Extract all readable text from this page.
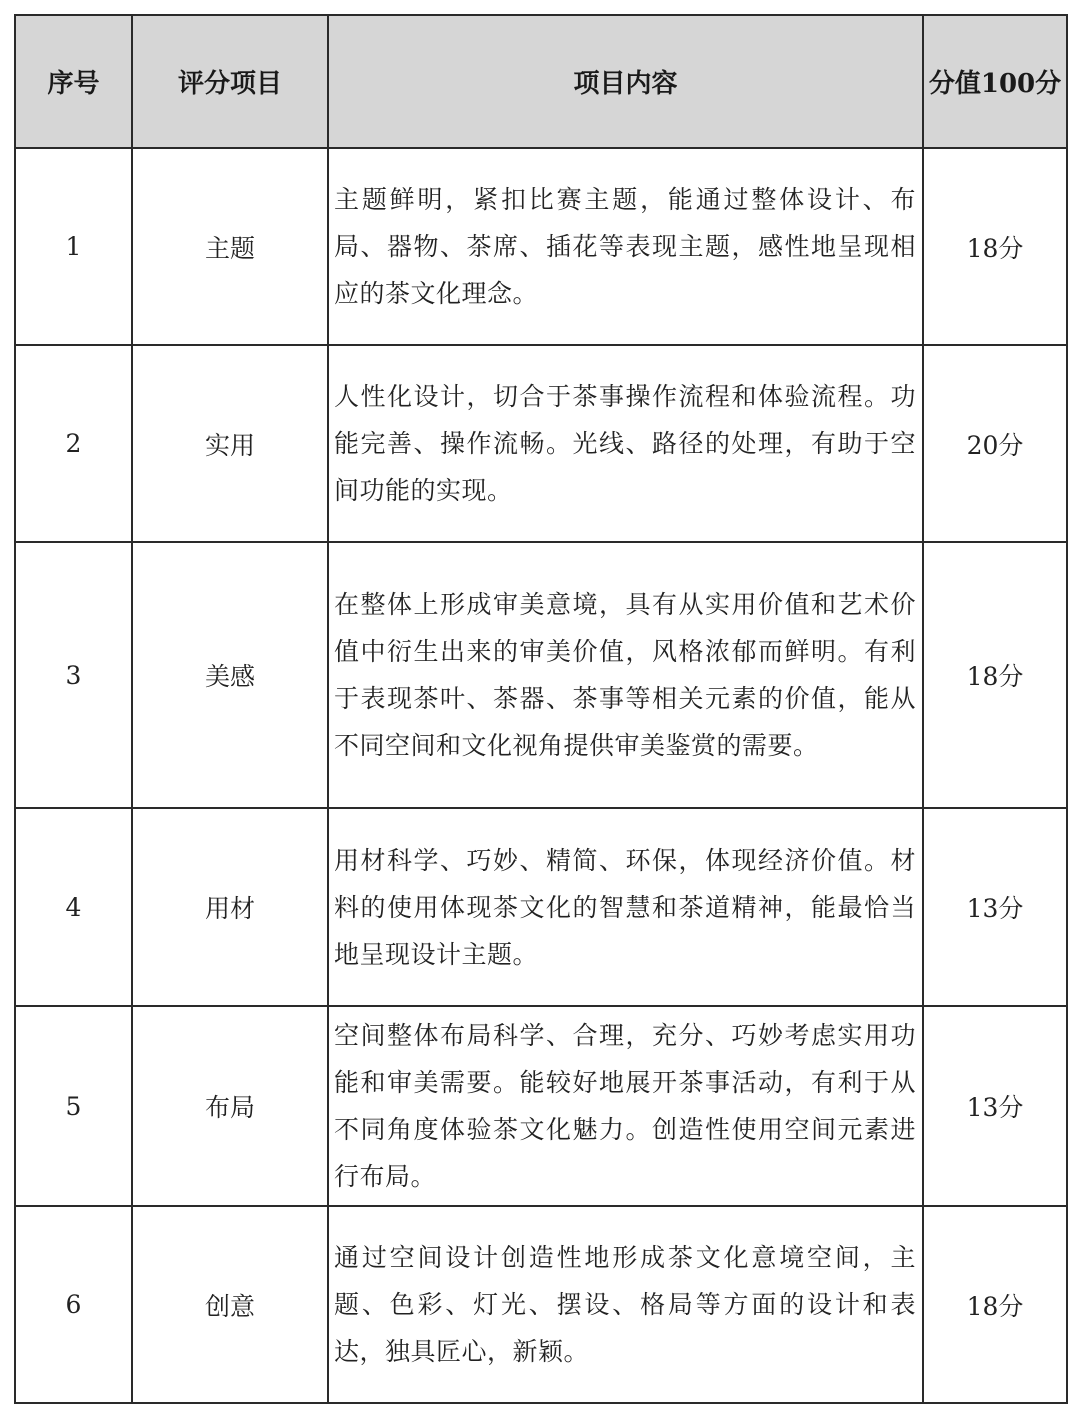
序号	评分项目	项目内容	分值100分
1	主题	主题鲜明，紧扣比赛主题，能通过整体设计、布局、器物、茶席、插花等表现主题，感性地呈现相应的茶文化理念。	18分
2	实用	人性化设计，切合于茶事操作流程和体验流程。功能完善、操作流畅。光线、路径的处理，有助于空间功能的实现。	20分
3	美感	在整体上形成审美意境，具有从实用价值和艺术价值中衍生出来的审美价值，风格浓郁而鲜明。有利于表现茶叶、茶器、茶事等相关元素的价值，能从不同空间和文化视角提供审美鉴赏的需要。	18分
4	用材	用材科学、巧妙、精简、环保，体现经济价值。材料的使用体现茶文化的智慧和茶道精神，能最恰当地呈现设计主题。	13分
5	布局	空间整体布局科学、合理，充分、巧妙考虑实用功能和审美需要。能较好地展开茶事活动，有利于从不同角度体验茶文化魅力。创造性使用空间元素进行布局。	13分
6	创意	通过空间设计创造性地形成茶文化意境空间，主题、色彩、灯光、摆设、格局等方面的设计和表达，独具匠心，新颖。	18分
